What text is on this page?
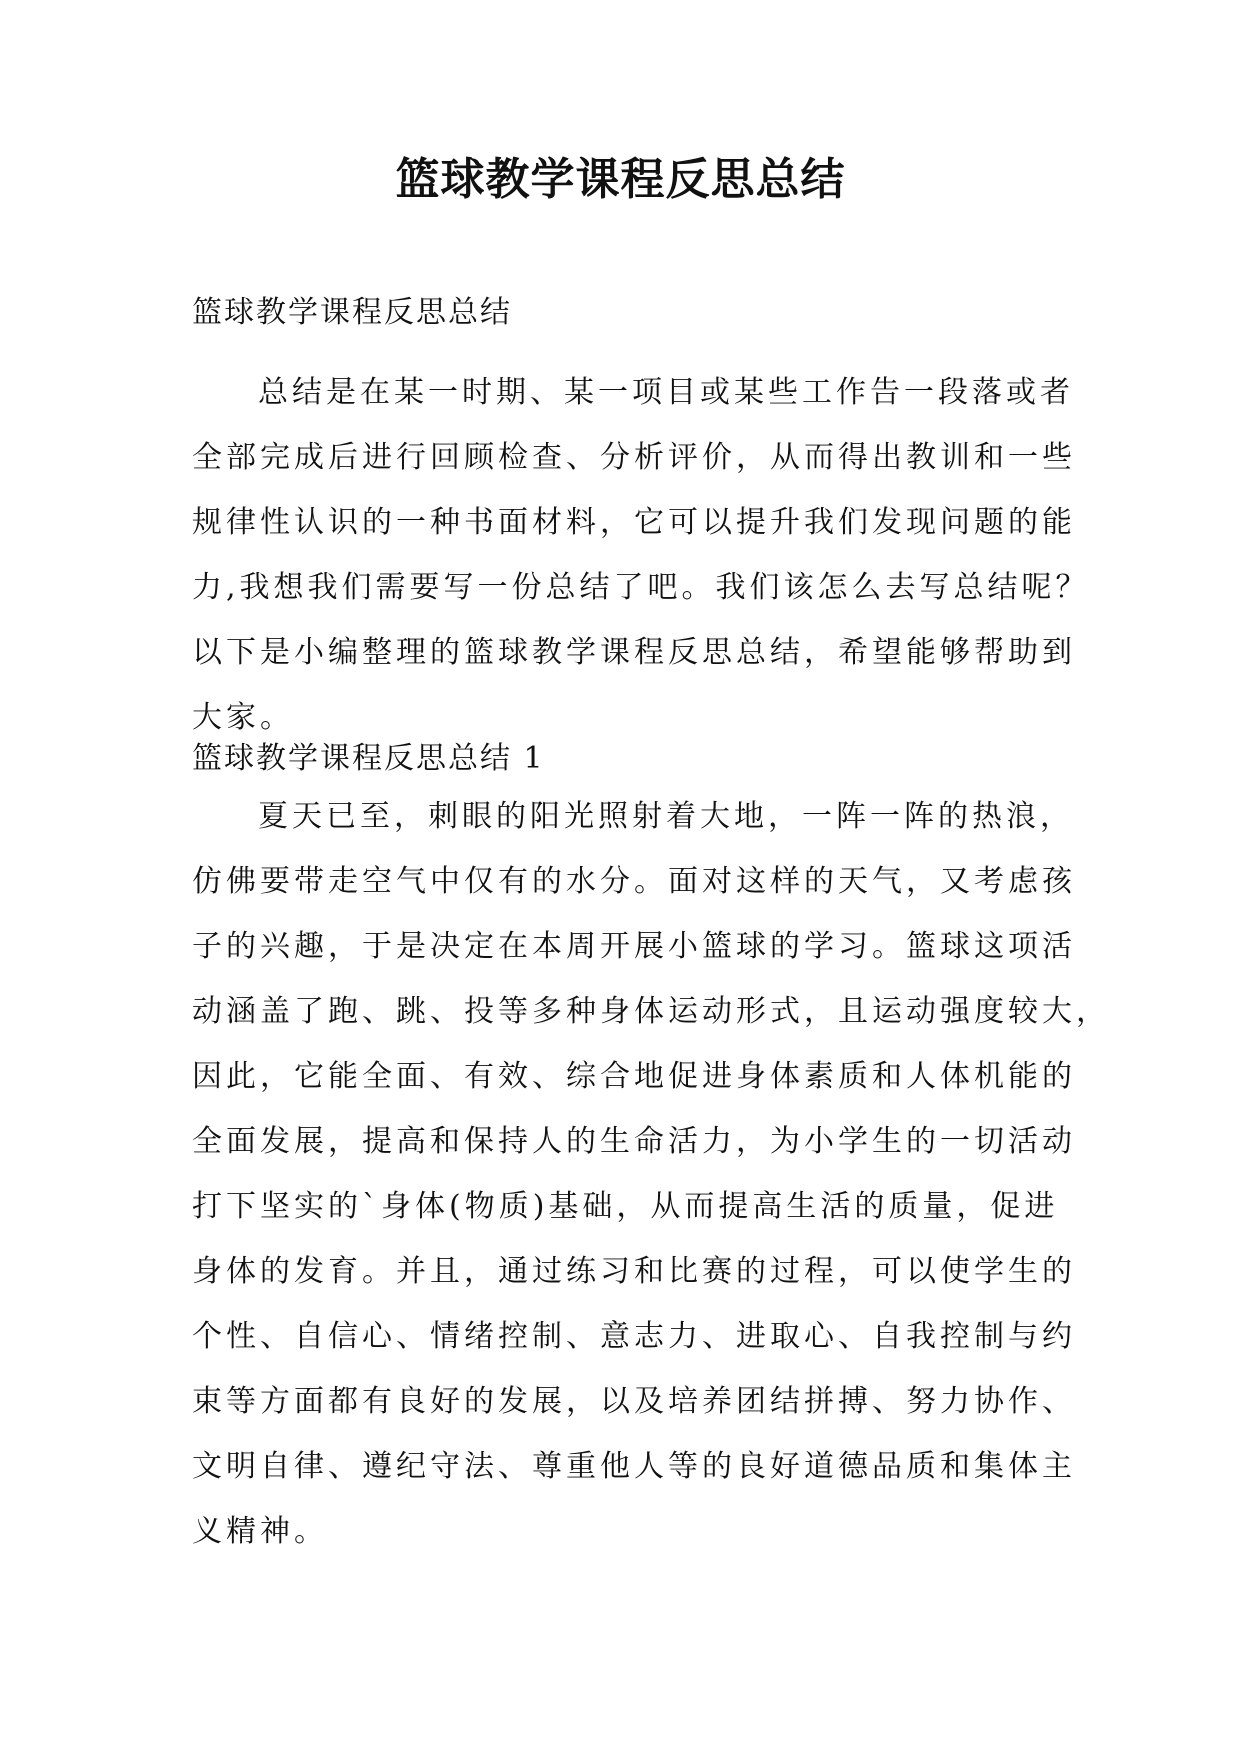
篮球教学课程反思总结

篮球教学课程反思总结

总结是在某一时期、某一项目或某些工作告一段落或者
全部完成后进行回顾检查、分析评价，从而得出教训和一些
规律性认识的一种书面材料，它可以提升我们发现问题的能
力,我想我们需要写一份总结了吧。我们该怎么去写总结呢？
以下是小编整理的篮球教学课程反思总结，希望能够帮助到
大家。

篮球教学课程反思总结 1

夏天已至，刺眼的阳光照射着大地，一阵一阵的热浪，
仿佛要带走空气中仅有的水分。面对这样的天气，又考虑孩
子的兴趣，于是决定在本周开展小篮球的学习。篮球这项活
动涵盖了跑、跳、投等多种身体运动形式，且运动强度较大，
因此，它能全面、有效、综合地促进身体素质和人体机能的
全面发展，提高和保持人的生命活力，为小学生的一切活动
打下坚实的`身体(物质)基础，从而提高生活的质量，促进
身体的发育。并且，通过练习和比赛的过程，可以使学生的
个性、自信心、情绪控制、意志力、进取心、自我控制与约
束等方面都有良好的发展，以及培养团结拼搏、努力协作、
文明自律、遵纪守法、尊重他人等的良好道德品质和集体主
义精神。
